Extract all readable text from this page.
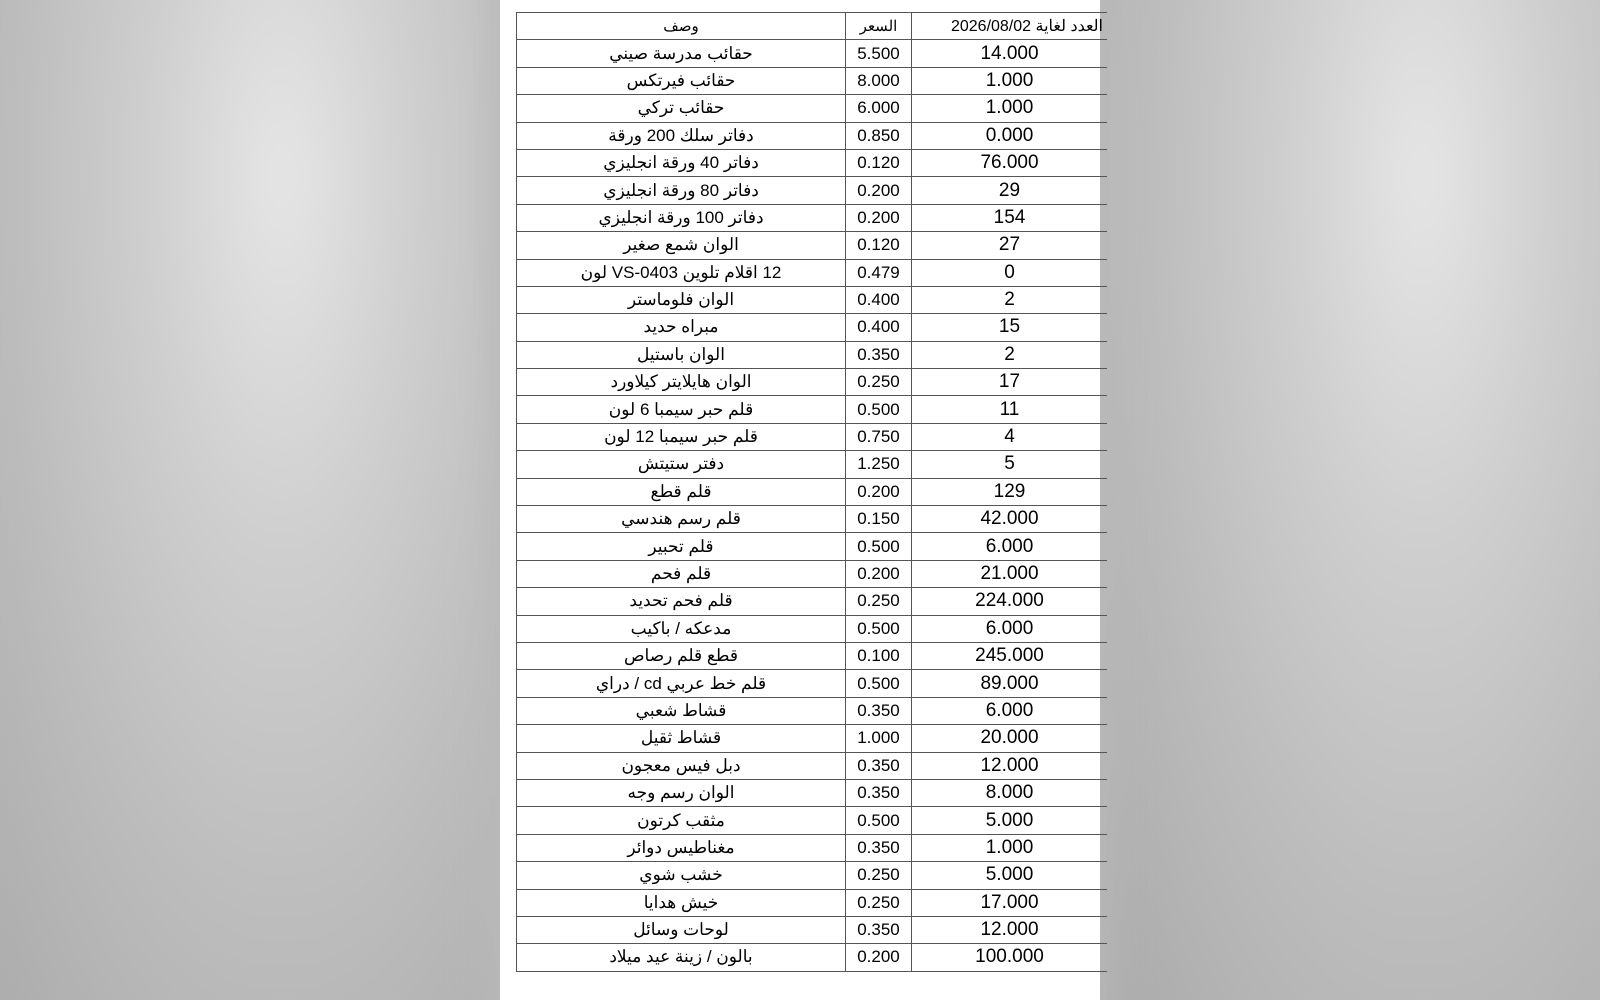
وصف	السعر	العدد لغاية 2026/08/02
حقائب مدرسة صيني	5.500	14.000
حقائب فيرتكس	8.000	1.000
حقائب تركي	6.000	1.000
دفاتر سلك 200 ورقة	0.850	0.000
دفاتر 40 ورقة انجليزي	0.120	76.000
دفاتر 80 ورقة انجليزي	0.200	29
دفاتر 100 ورقة انجليزي	0.200	154
الوان شمع صغير	0.120	27
12 اقلام تلوين VS-0403 لون	0.479	0
الوان فلوماستر	0.400	2
مبراه حديد	0.400	15
الوان باستيل	0.350	2
الوان هايلايتر كيلاورد	0.250	17
قلم حبر سيمبا 6 لون	0.500	11
قلم حبر سيمبا 12 لون	0.750	4
دفتر ستيتش	1.250	5
قلم قطع	0.200	129
قلم رسم هندسي	0.150	42.000
قلم تحبير	0.500	6.000
قلم فحم	0.200	21.000
قلم فحم تحديد	0.250	224.000
مدعكه / باكيب	0.500	6.000
قطع قلم رصاص	0.100	245.000
قلم خط عربي cd / دراي	0.500	89.000
قشاط شعبي	0.350	6.000
قشاط ثقيل	1.000	20.000
دبل فيس معجون	0.350	12.000
الوان رسم وجه	0.350	8.000
مثقب كرتون	0.500	5.000
مغناطيس دوائر	0.350	1.000
خشب شوي	0.250	5.000
خيش هدايا	0.250	17.000
لوحات وسائل	0.350	12.000
بالون / زينة عيد ميلاد	0.200	100.000
